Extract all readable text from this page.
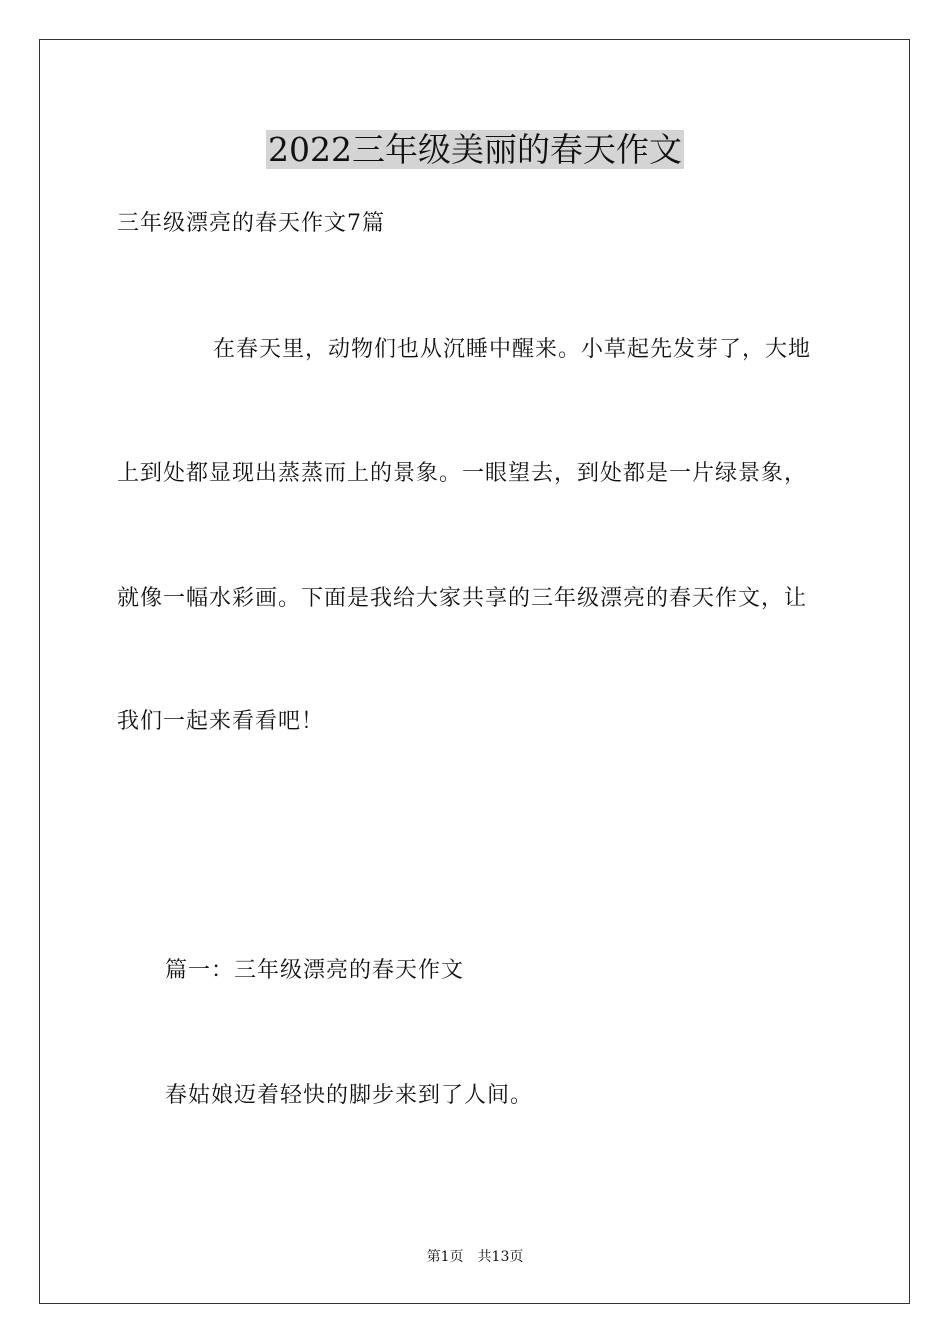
2022三年级美丽的春天作文
三年级漂亮的春天作文7篇
在春天里，动物们也从沉睡中醒来。小草起先发芽了，大地
上到处都显现出蒸蒸而上的景象。一眼望去，到处都是一片绿景象，
就像一幅水彩画。下面是我给大家共享的三年级漂亮的春天作文，让
我们一起来看看吧！
篇一：三年级漂亮的春天作文
春姑娘迈着轻快的脚步来到了人间。
第1页 共13页
